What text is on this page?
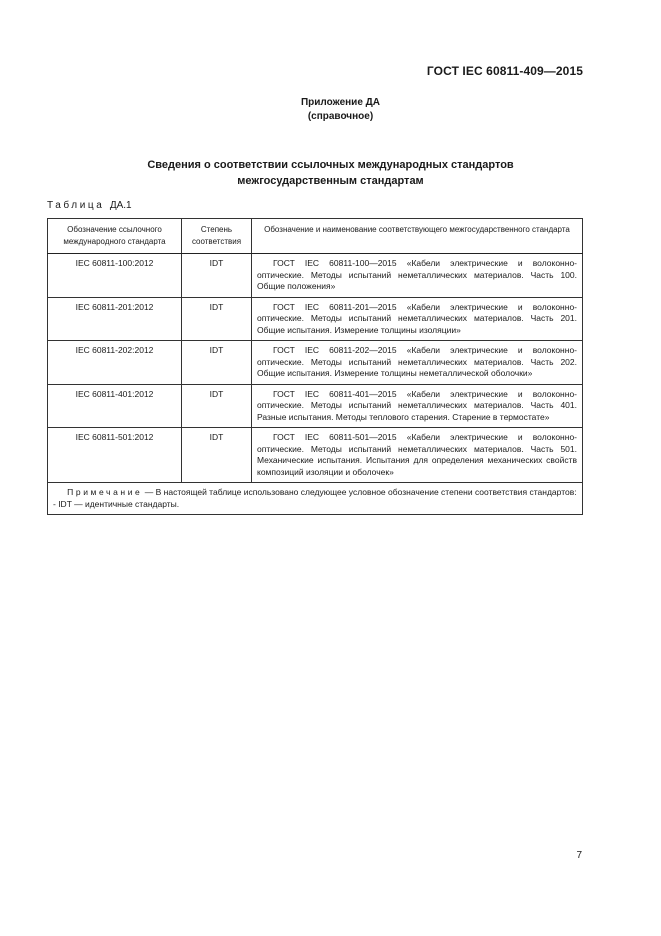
ГОСТ IEC 60811-409—2015
Приложение ДА
(справочное)
Сведения о соответствии ссылочных международных стандартов
межгосударственным стандартам
Таблица ДА.1
Обозначение ссылочного международного стандарта	Степень соответствия	Обозначение и наименование соответствующего межгосударственного стандарта
IEC 60811-100:2012	IDT	ГОСТ IEC 60811-100—2015 «Кабели электрические и волоконно-оптические. Методы испытаний неметаллических материалов. Часть 100. Общие положения»
IEC 60811-201:2012	IDT	ГОСТ IEC 60811-201—2015 «Кабели электрические и волоконно-оптические. Методы испытаний неметаллических материалов. Часть 201. Общие испытания. Измерение толщины изоляции»
IEC 60811-202:2012	IDT	ГОСТ IEC 60811-202—2015 «Кабели электрические и волоконно-оптические. Методы испытаний неметаллических материалов. Часть 202. Общие испытания. Измерение толщины неметаллической оболочки»
IEC 60811-401:2012	IDT	ГОСТ IEC 60811-401—2015 «Кабели электрические и волоконно-оптические. Методы испытаний неметаллических материалов. Часть 401. Разные испытания. Методы теплового старения. Старение в термостате»
IEC 60811-501:2012	IDT	ГОСТ IEC 60811-501—2015 «Кабели электрические и волоконно-оптические. Методы испытаний неметаллических материалов. Часть 501. Механические испытания. Испытания для определения механических свойств композиций изоляции и оболочек»
Примечание — В настоящей таблице использовано следующее условное обозначение степени соответствия стандартов:
- IDT — идентичные стандарты.		
7
